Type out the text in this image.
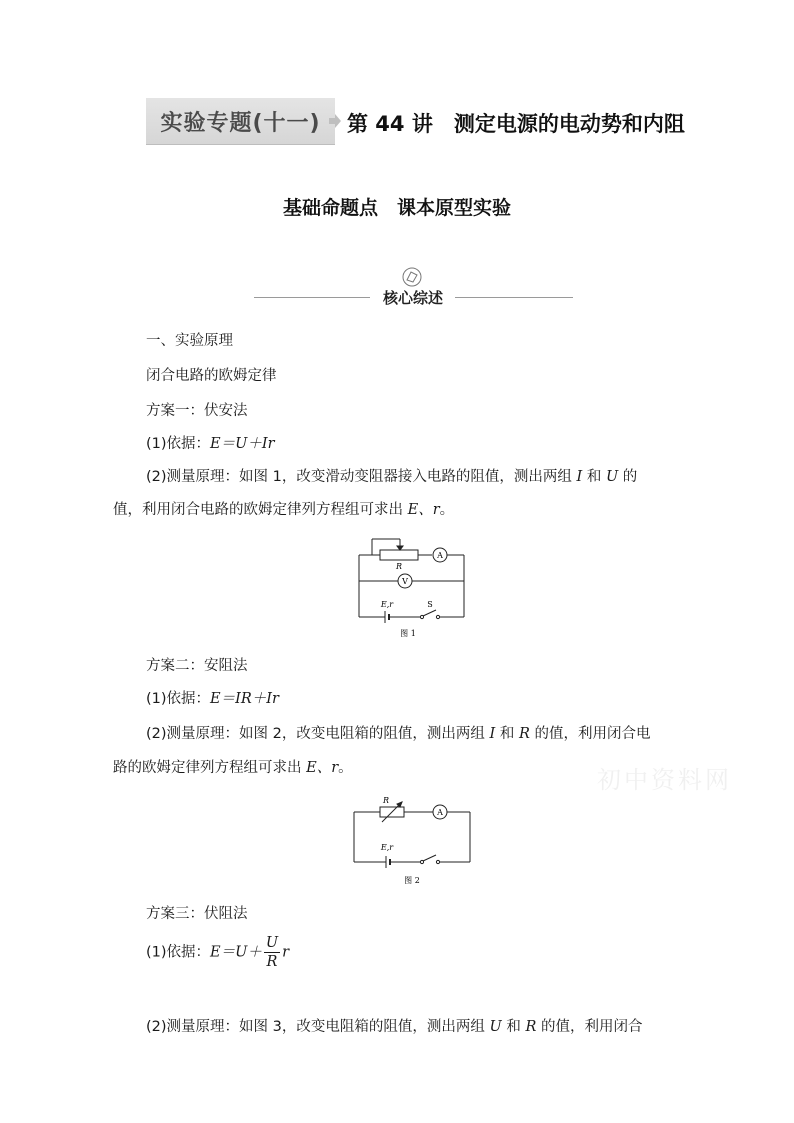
实验专题(十一)	第 44 讲　测定电源的电动势和内阻
基础命题点　课本原型实验
核心综述
一、实验原理
闭合电路的欧姆定律
方案一：伏安法
(1)依据：E＝U＋Ir
(2)测量原理：如图 1，改变滑动变阻器接入电路的阻值，测出两组 I 和 U 的
值，利用闭合电路的欧姆定律列方程组可求出 E、r。
R
A
V
E,r	S
图 1
方案二：安阻法
(1)依据：E＝IR＋Ir
(2)测量原理：如图 2，改变电阻箱的阻值，测出两组 I 和 R 的值，利用闭合电
路的欧姆定律列方程组可求出 E、r。
R
A
E,r
图 2
方案三：伏阻法
(1)依据：$E=U+ \frac{U}{R}$ r
(2)测量原理：如图 3，改变电阻箱的阻值，测出两组 U 和 R 的值，利用闭合
初中资料网
